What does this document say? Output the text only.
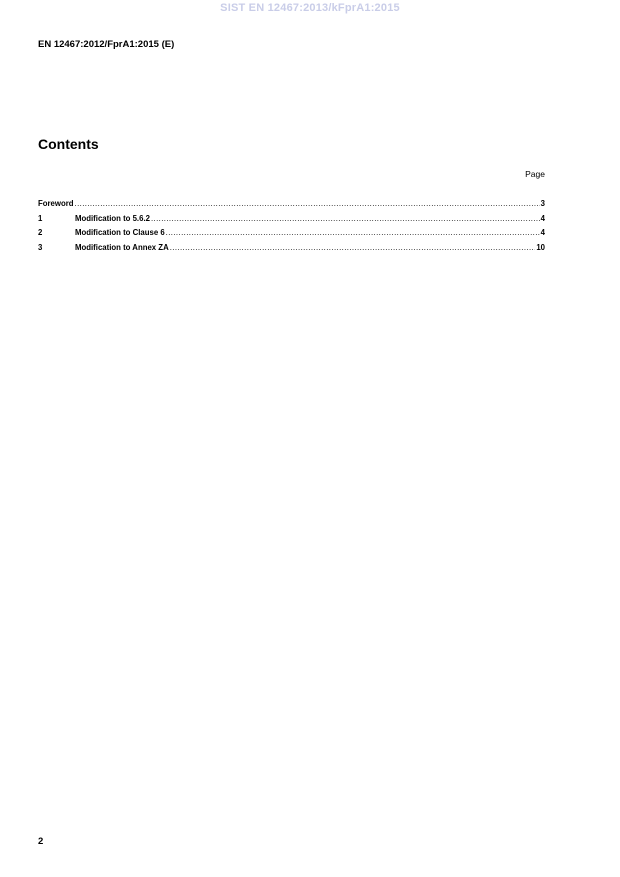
SIST EN 12467:2013/kFprA1:2015
EN 12467:2012/FprA1:2015 (E)
Contents
Page
Foreword .....	3
1	Modification to 5.6.2 .....	4
2	Modification to Clause 6 .....	4
3	Modification to Annex ZA .....	10
2
